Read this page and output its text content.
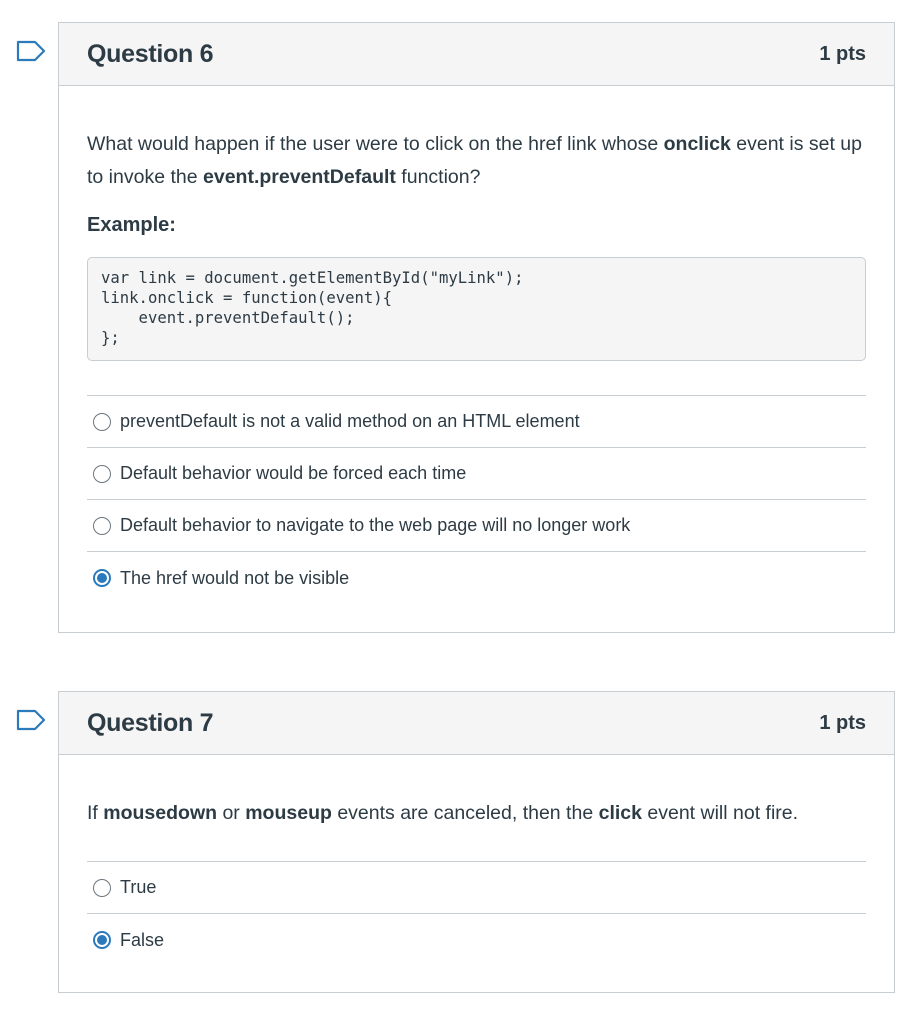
Question 6	1 pts
What would happen if the user were to click on the href link whose onclick event is set up to invoke the event.preventDefault function?
Example:
var link = document.getElementById("myLink");
link.onclick = function(event){
event.preventDefault();
};
preventDefault is not a valid method on an HTML element
Default behavior would be forced each time
Default behavior to navigate to the web page will no longer work
The href would not be visible
Question 7	1 pts
If mousedown or mouseup events are canceled, then the click event will not fire.
True
False
